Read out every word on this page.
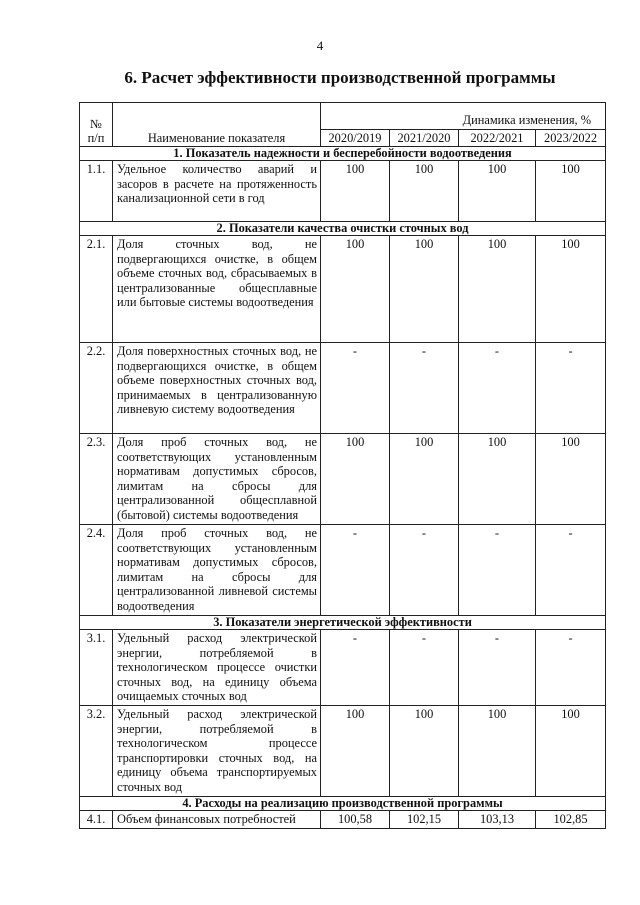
4
6. Расчет эффективности производственной программы
№
п/п	Наименование показателя	Динамика изменения, %			
		2020/2019	2021/2020	2022/2021	2023/2022
1. Показатель надежности и бесперебойности водоотведения					
1.1.	Удельное количество аварий и засоров в расчете на протяженность канализационной сети в год	100	100	100	100
2. Показатели качества очистки сточных вод					
2.1.	Доля сточных вод, не подвергающихся очистке, в общем объеме сточных вод, сбрасываемых в централизованные общесплавные или бытовые системы водоотведения	100	100	100	100
2.2.	Доля поверхностных сточных вод, не подвергающихся очистке, в общем объеме поверхностных сточных вод, принимаемых в централизованную ливневую систему водоотведения	-	-	-	-
2.3.	Доля проб сточных вод, не соответствующих установленным нормативам допустимых сбросов, лимитам на сбросы для централизованной общесплавной (бытовой) системы водоотведения	100	100	100	100
2.4.	Доля проб сточных вод, не соответствующих установленным нормативам допустимых сбросов, лимитам на сбросы для централизованной ливневой системы водоотведения	-	-	-	-
3. Показатели энергетической эффективности					
3.1.	Удельный расход электрической энергии, потребляемой в технологическом процессе очистки сточных вод, на единицу объема очищаемых сточных вод	-	-	-	-
3.2.	Удельный расход электрической энергии, потребляемой в технологическом процессе транспортировки сточных вод, на единицу объема транспортируемых сточных вод	100	100	100	100
4. Расходы на реализацию производственной программы					
4.1.	Объем финансовых потребностей	100,58	102,15	103,13	102,85
